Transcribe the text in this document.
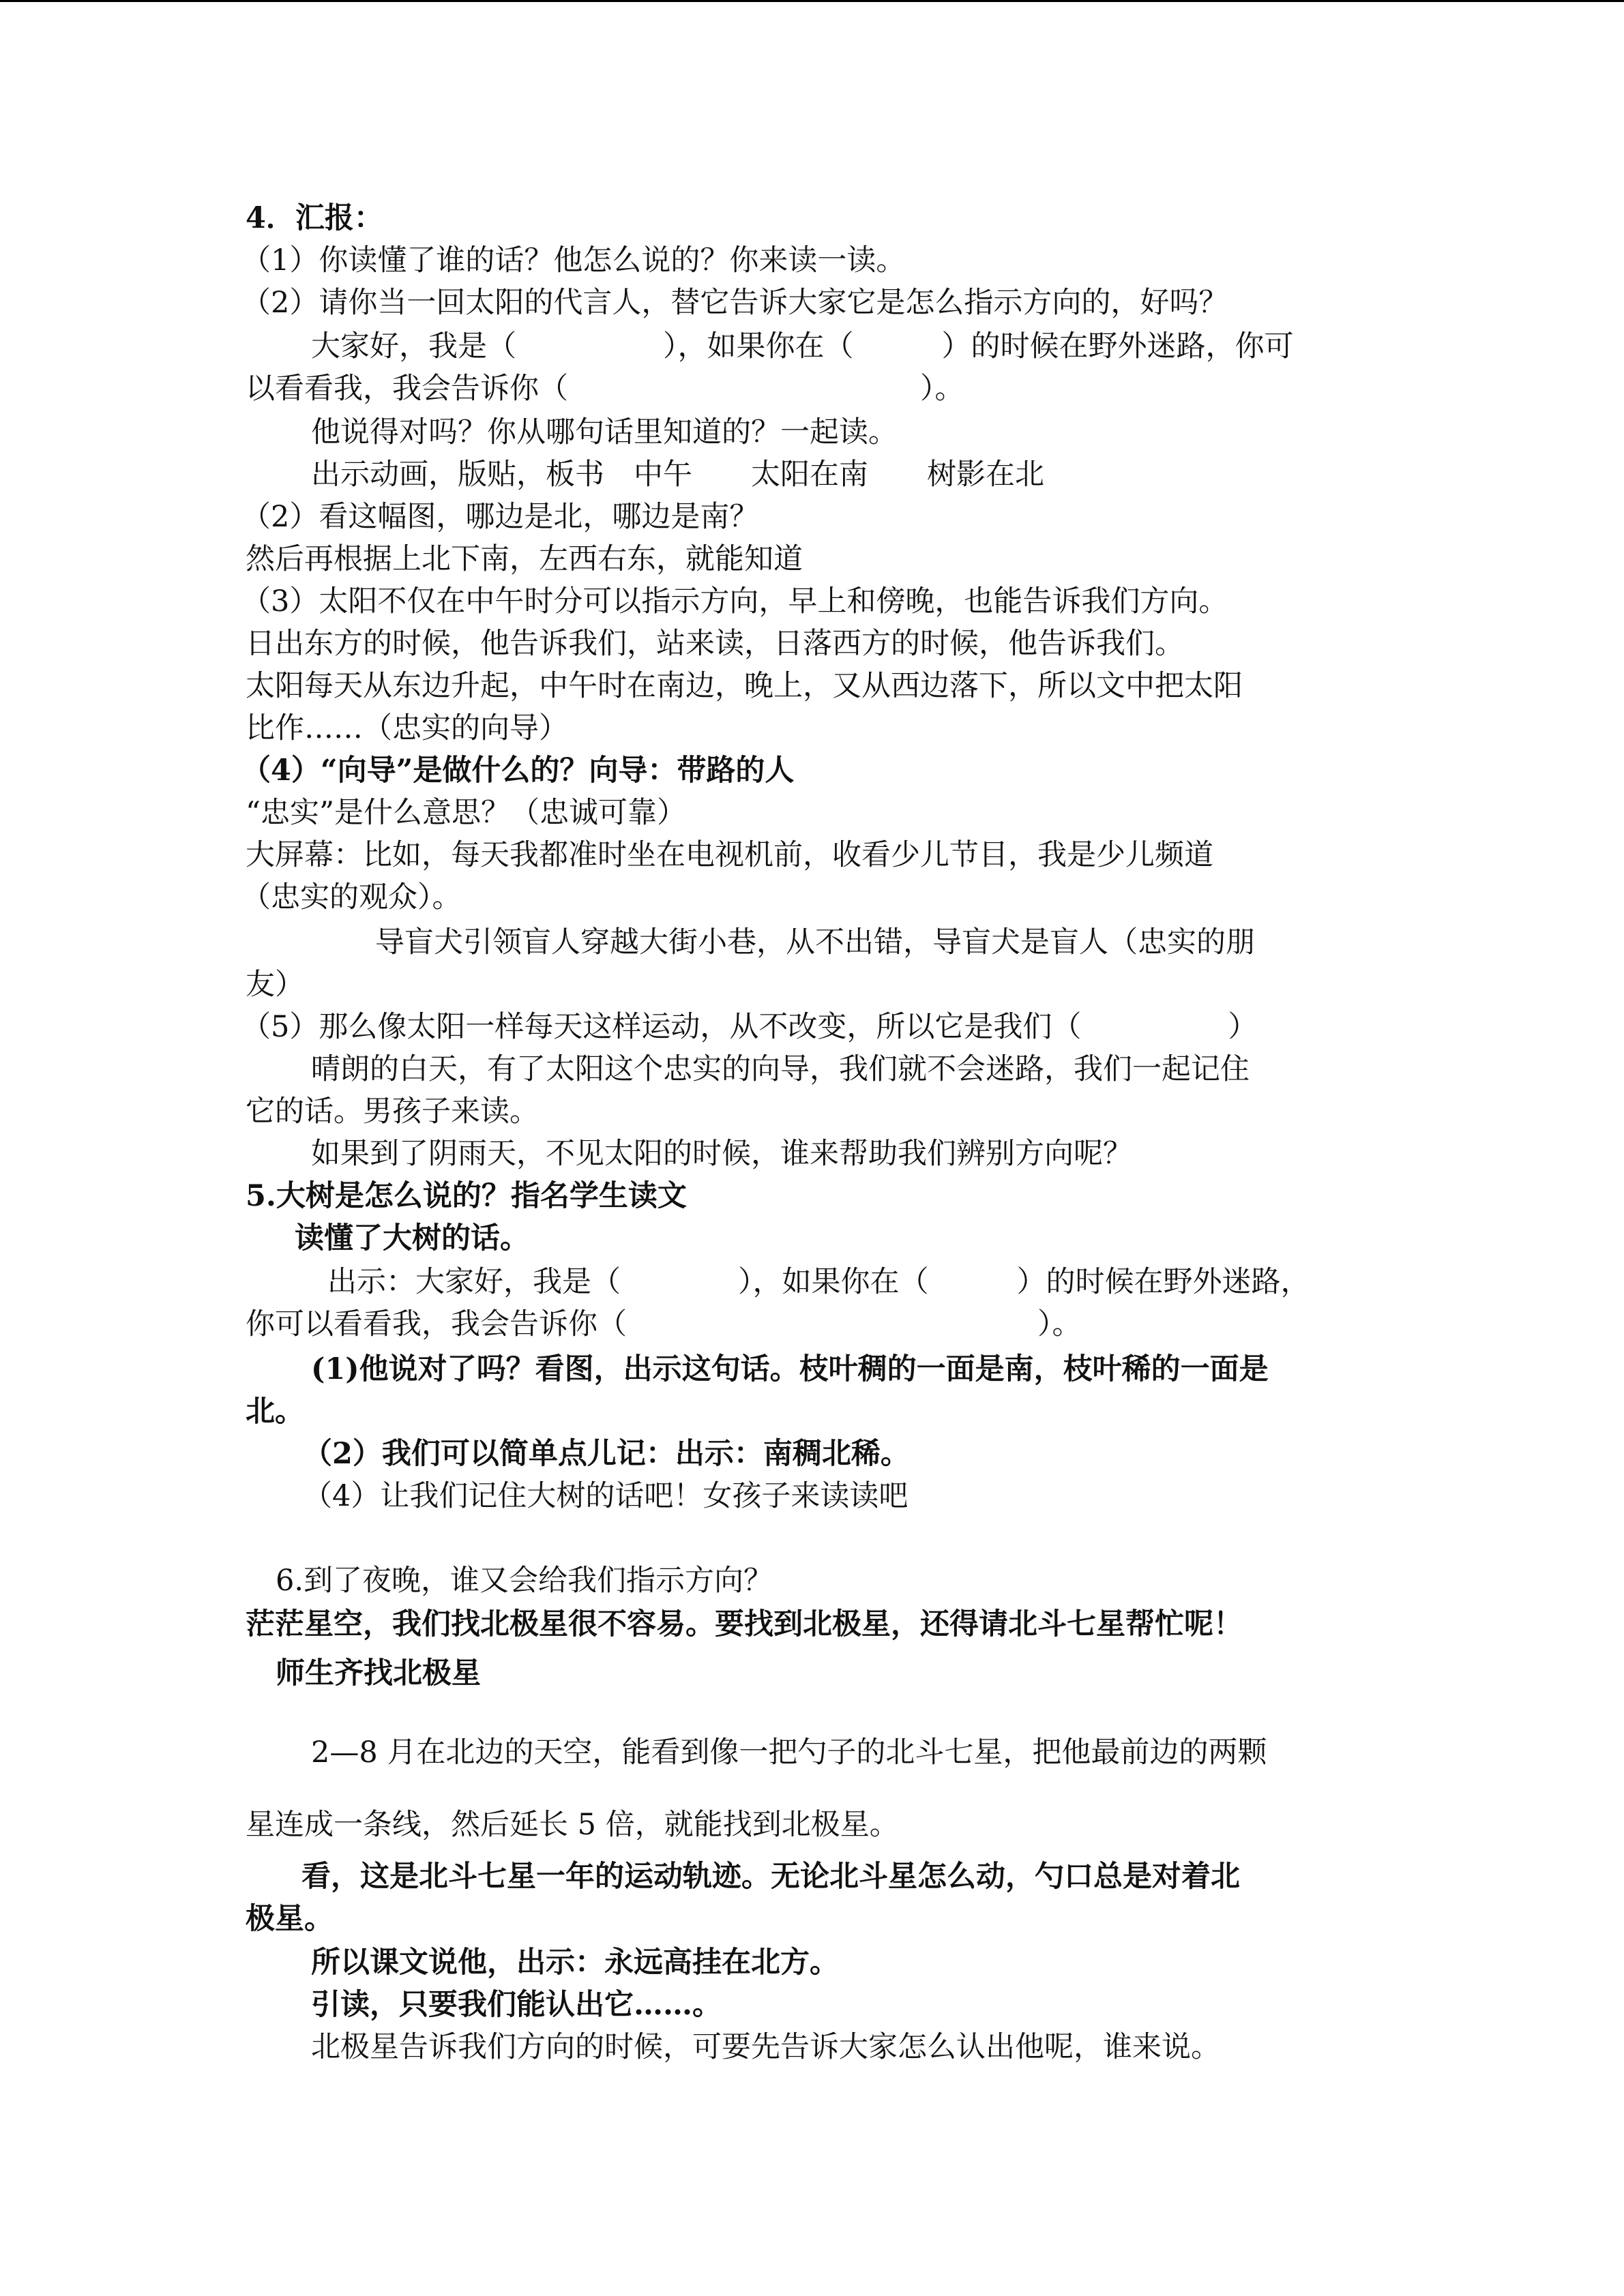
4．汇报：
（1）你读懂了谁的话？他怎么说的？你来读一读。
（2）请你当一回太阳的代言人，替它告诉大家它是怎么指示方向的，好吗？
大家好，我是（　　　　　），如果你在（　　　）的时候在野外迷路，你可
以看看我，我会告诉你（　　　　　　　　　　　　）。
他说得对吗？你从哪句话里知道的？一起读。
出示动画，版贴，板书　中午　　太阳在南　　树影在北
（2）看这幅图，哪边是北，哪边是南？
然后再根据上北下南，左西右东，就能知道
（3）太阳不仅在中午时分可以指示方向，早上和傍晚，也能告诉我们方向。
日出东方的时候，他告诉我们，站来读，日落西方的时候，他告诉我们。
太阳每天从东边升起，中午时在南边，晚上，又从西边落下，所以文中把太阳
比作……（忠实的向导）
（4）“向导”是做什么的？向导：带路的人
“忠实”是什么意思？（忠诚可靠）
大屏幕：比如，每天我都准时坐在电视机前，收看少儿节目，我是少儿频道
（忠实的观众）。
导盲犬引领盲人穿越大街小巷，从不出错，导盲犬是盲人（忠实的朋
友）
（5）那么像太阳一样每天这样运动，从不改变，所以它是我们（　　　　　）
晴朗的白天，有了太阳这个忠实的向导，我们就不会迷路，我们一起记住
它的话。男孩子来读。
如果到了阴雨天，不见太阳的时候，谁来帮助我们辨别方向呢？
5.大树是怎么说的？指名学生读文
读懂了大树的话。
出示：大家好，我是（　　　　），如果你在（　　　）的时候在野外迷路，
你可以看看我，我会告诉你（　　　　　　　　　　　　　　）。
(1)他说对了吗？看图，出示这句话。枝叶稠的一面是南，枝叶稀的一面是
北。
（2）我们可以简单点儿记：出示：南稠北稀。
（4）让我们记住大树的话吧！女孩子来读读吧
6.到了夜晚，谁又会给我们指示方向？
茫茫星空，我们找北极星很不容易。要找到北极星，还得请北斗七星帮忙呢！
师生齐找北极星
2—8 月在北边的天空，能看到像一把勺子的北斗七星，把他最前边的两颗
星连成一条线，然后延长 5 倍，就能找到北极星。
看，这是北斗七星一年的运动轨迹。无论北斗星怎么动，勺口总是对着北
极星。
所以课文说他，出示：永远高挂在北方。
引读，只要我们能认出它……。
北极星告诉我们方向的时候，可要先告诉大家怎么认出他呢，谁来说。
